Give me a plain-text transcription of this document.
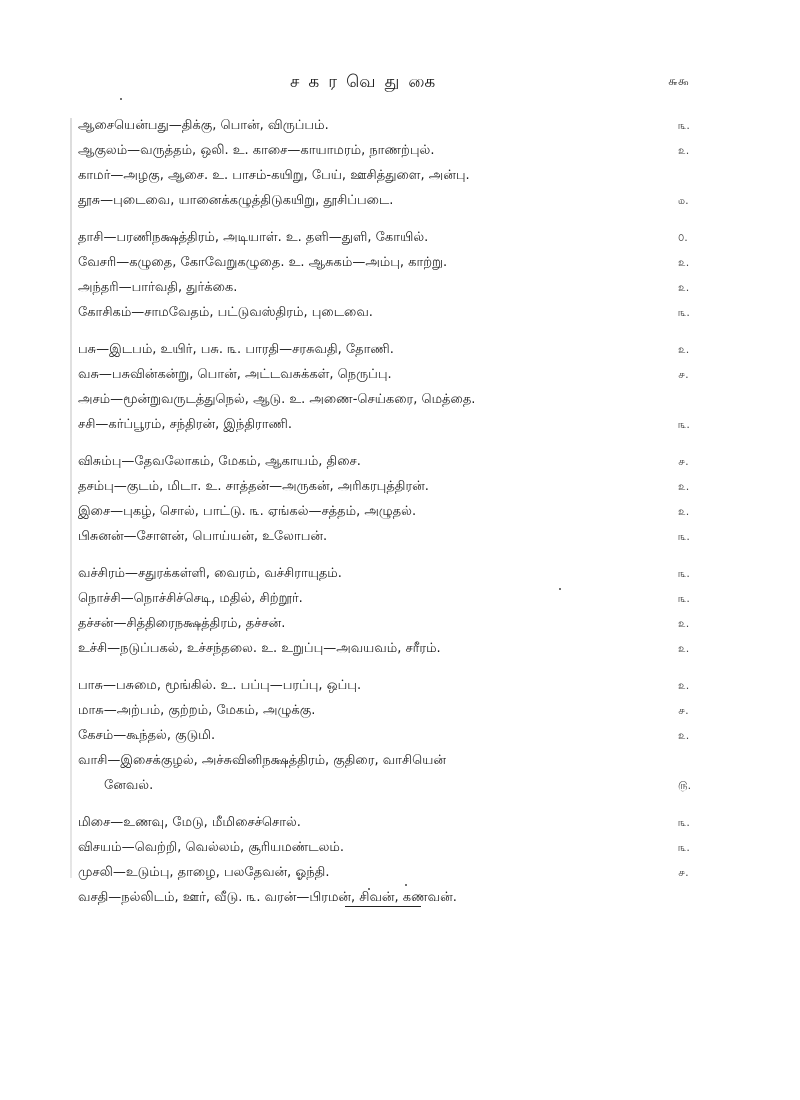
சகரவெதுகை	௬௯
ஆசையென்பது—திக்கு, பொன், விருப்பம்.	௩.
ஆகுலம்—வருத்தம், ஒலி. உ. காசை—காயாமரம், நாணற்புல்.	௨.
காமர்—அழகு, ஆசை. உ. பாசம்-கயிறு, பேய், ஊசித்துளை, அன்பு.
தூசு—புடைவை, யானைக்கழுத்திடுகயிறு, தூசிப்படை.	௰.
தாசி—பரணிநக்ஷத்திரம், அடியாள். உ. தளி—துளி, கோயில்.	௦.
வேசரி—கழுதை, கோவேறுகழுதை. உ. ஆசுகம்—அம்பு, காற்று.	௨.
அந்தரி—பார்வதி, துர்க்கை.	௨.
கோசிகம்—சாமவேதம், பட்டுவஸ்திரம், புடைவை.	௩.
பசு—இடபம், உயிர், பசு. ௩. பாரதி—சரசுவதி, தோணி.	௨.
வசு—பசுவின்கன்று, பொன், அட்டவசுக்கள், நெருப்பு.	௪.
அசம்—மூன்றுவருடத்துநெல், ஆடு. உ. அணை-செய்கரை, மெத்தை.
சசி—கர்ப்பூரம், சந்திரன், இந்திராணி.	௩.
விசும்பு—தேவலோகம், மேகம், ஆகாயம், திசை.	௪.
தசம்பு—குடம், மிடா. உ. சாத்தன்—அருகன், அரிகரபுத்திரன்.	௨.
இசை—புகழ், சொல், பாட்டு. ௩. ஏங்கல்—சத்தம், அழுதல்.	௨.
பிசுனன்—சோளன், பொய்யன், உலோபன்.	௩.
வச்சிரம்—சதுரக்கள்ளி, வைரம், வச்சிராயுதம்.	௩.
நொச்சி—நொச்சிச்செடி, மதில், சிற்றூர்.	௩.
தச்சன்—சித்திரைநக்ஷத்திரம், தச்சன்.	௨.
உச்சி—நடுப்பகல், உச்சந்தலை. உ. உறுப்பு—அவயவம், சரீரம்.	௨.
பாசு—பசுமை, மூங்கில். உ. பப்பு—பரப்பு, ஒப்பு.	௨.
மாசு—அற்பம், குற்றம், மேகம், அழுக்கு.	௪.
கேசம்—கூந்தல், குடுமி.	௨.
வாசி—இசைக்குழல், அச்சுவினிநக்ஷத்திரம், குதிரை, வாசியென்
னேவல்.	௫.
மிசை—உணவு, மேடு, மீமிசைச்சொல்.	௩.
விசயம்—வெற்றி, வெல்லம், சூரியமண்டலம்.	௩.
முசலி—உடும்பு, தாழை, பலதேவன், ஓந்தி.	௪.
வசதி—நல்லிடம், ஊர், வீடு. ௩. வரன்—பிரமன், சிவன், கணவன்.
